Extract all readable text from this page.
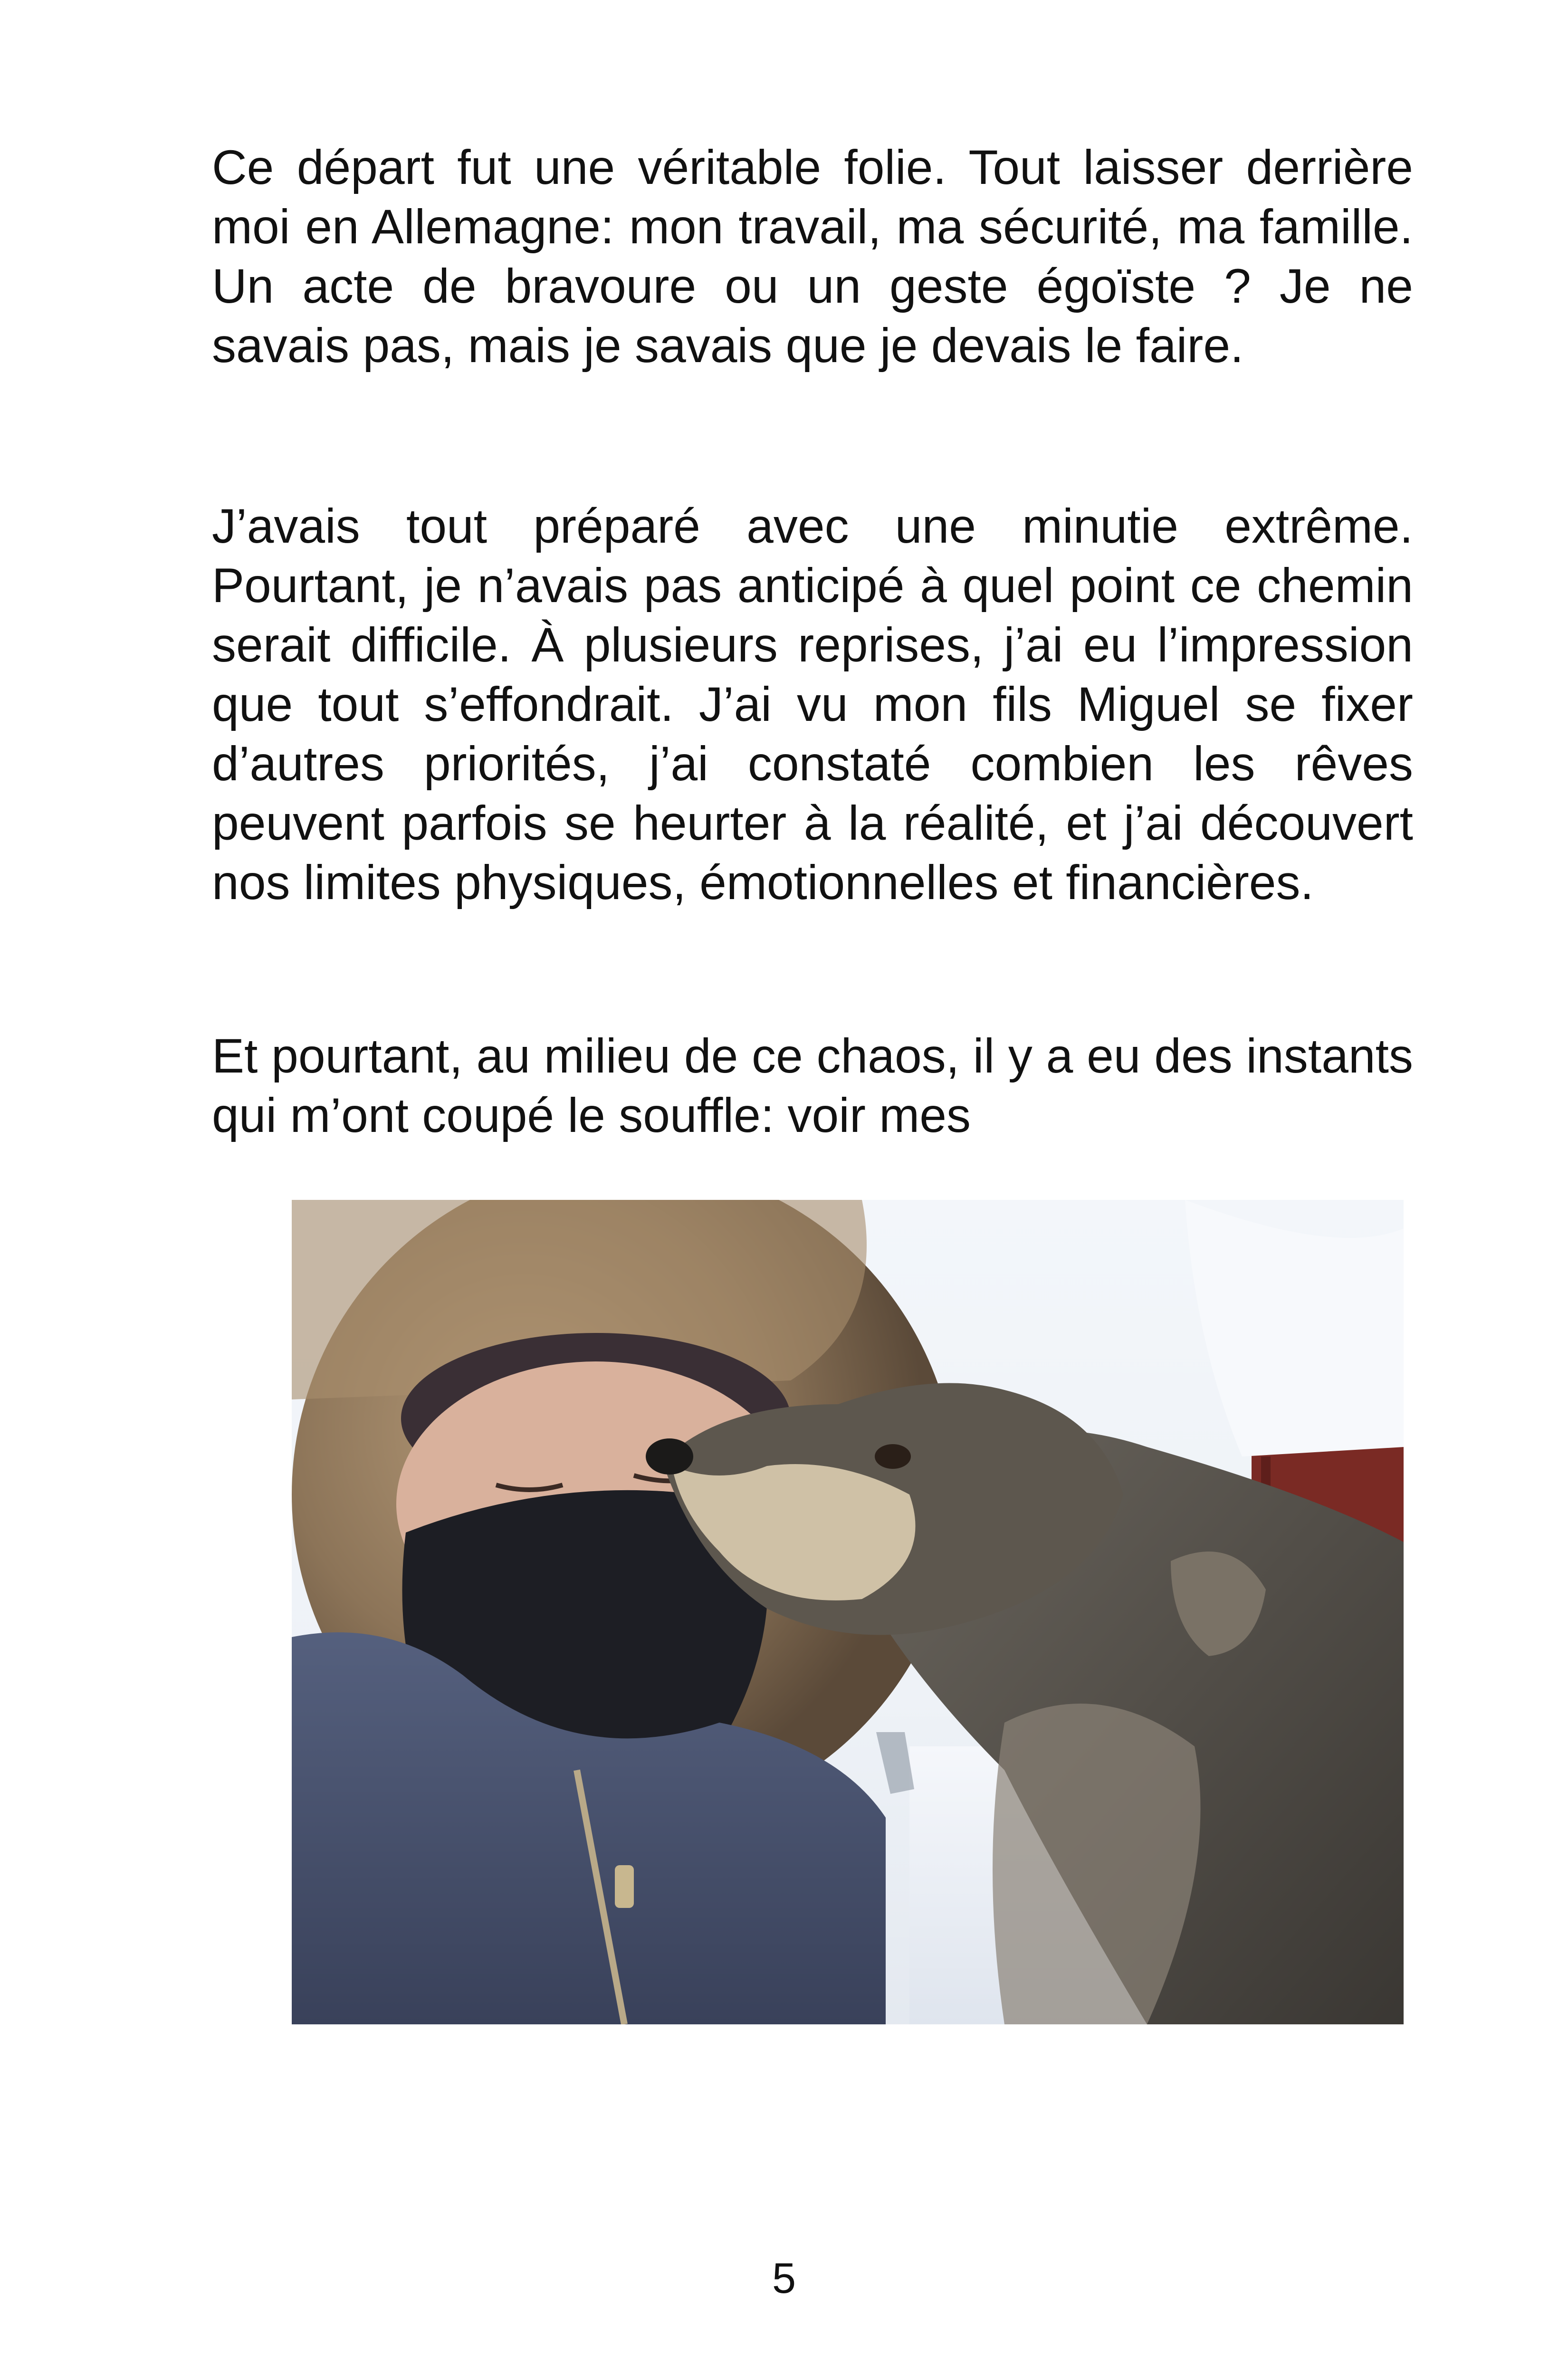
Ce départ fut une véritable folie. Tout laisser derrière moi en Allemagne: mon travail, ma sécurité, ma famille. Un acte de bravoure ou un geste égoïste ? Je ne savais pas, mais je savais que je devais le faire.

J’avais tout préparé avec une minutie extrême. Pourtant, je n’avais pas anticipé à quel point ce chemin serait difficile. À plusieurs reprises, j’ai eu l’impression que tout s’effondrait. J’ai vu mon fils Miguel se fixer d’autres priorités, j’ai constaté combien les rêves peuvent parfois se heurter à la réalité, et j’ai découvert nos limites physiques, émotionnelles et financières.

Et pourtant, au milieu de ce chaos, il y a eu des instants qui m’ont coupé le souffle: voir mes

5
